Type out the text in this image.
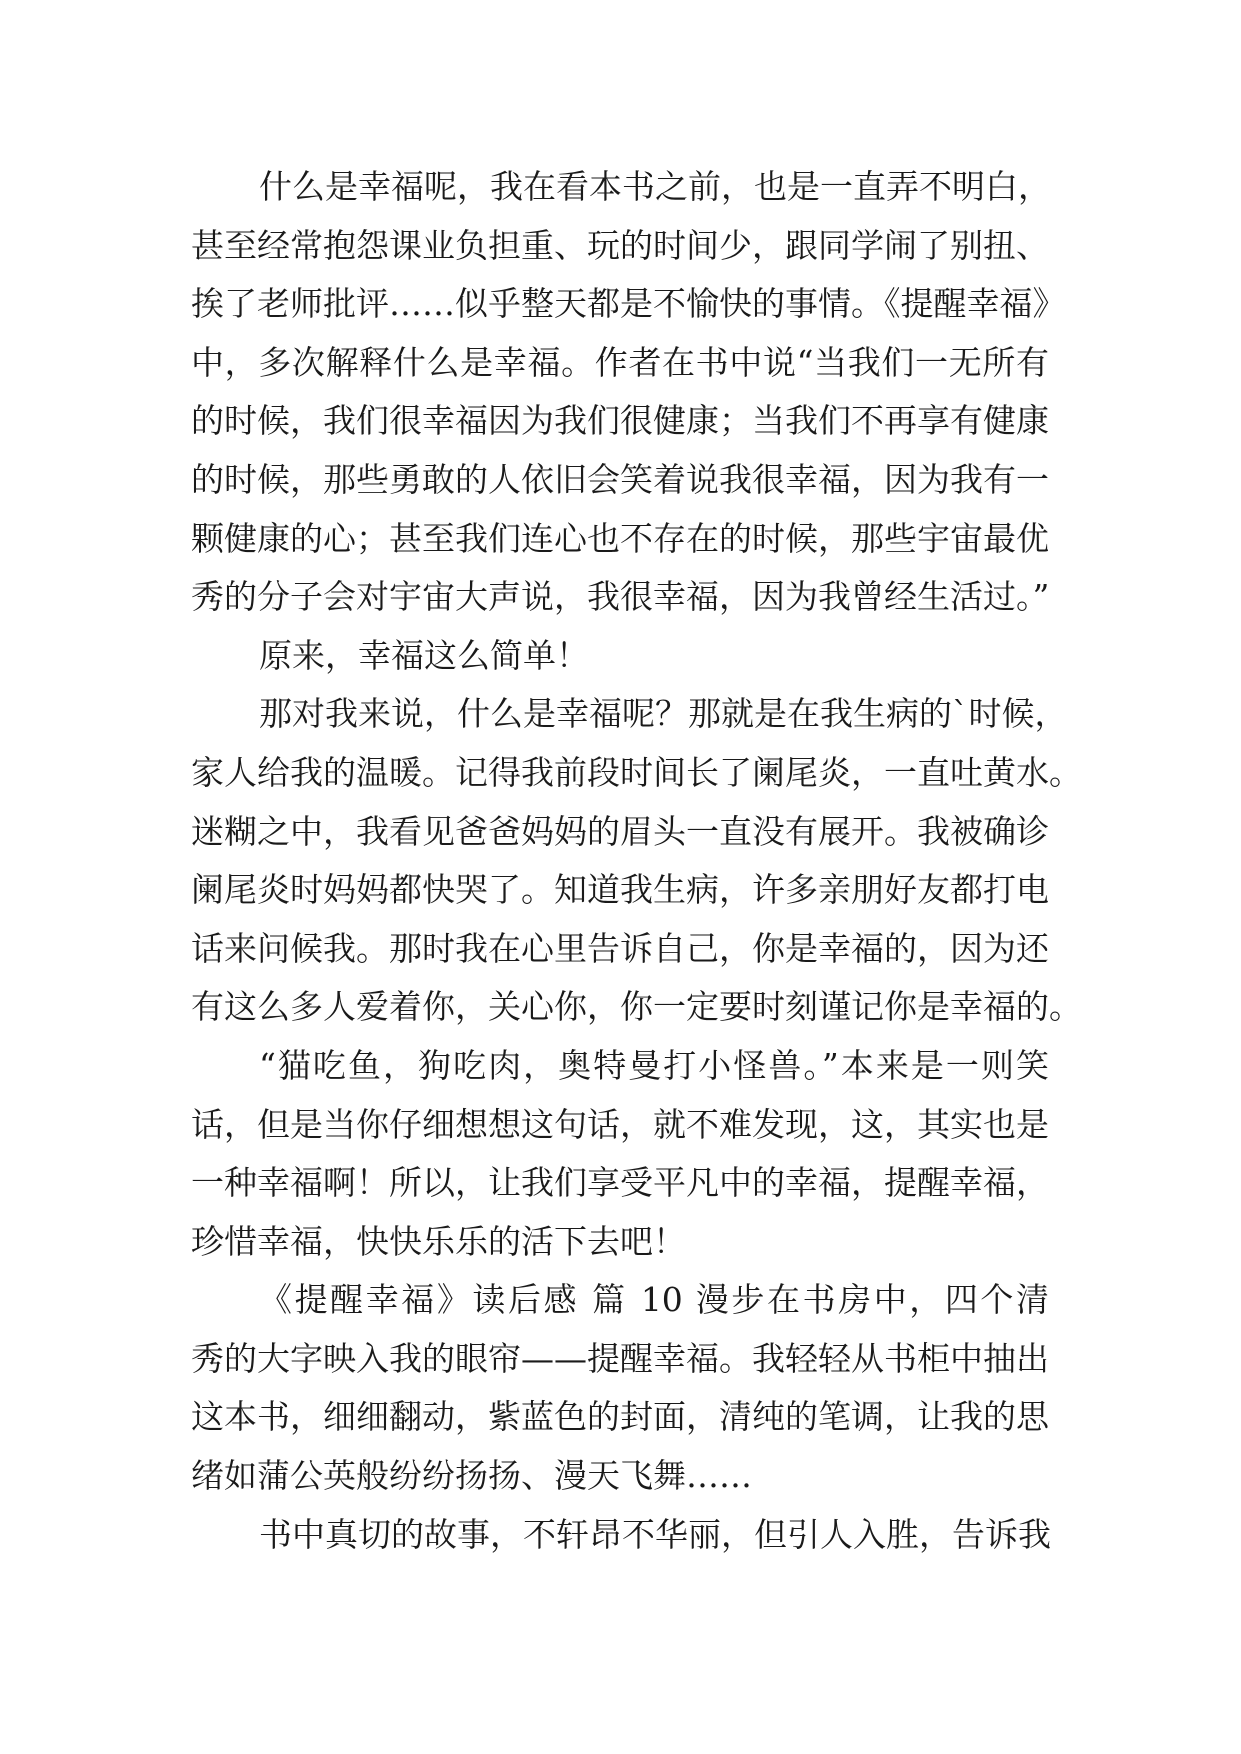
什么是幸福呢，我在看本书之前，也是一直弄不明白，
甚至经常抱怨课业负担重、玩的时间少，跟同学闹了别扭、
挨了老师批评……似乎整天都是不愉快的事情。《提醒幸福》
中，多次解释什么是幸福。作者在书中说“当我们一无所有
的时候，我们很幸福因为我们很健康；当我们不再享有健康
的时候，那些勇敢的人依旧会笑着说我很幸福，因为我有一
颗健康的心；甚至我们连心也不存在的时候，那些宇宙最优
秀的分子会对宇宙大声说，我很幸福，因为我曾经生活过。”
原来，幸福这么简单！
那对我来说，什么是幸福呢？那就是在我生病的`时候，
家人给我的温暖。记得我前段时间长了阑尾炎，一直吐黄水。
迷糊之中，我看见爸爸妈妈的眉头一直没有展开。我被确诊
阑尾炎时妈妈都快哭了。知道我生病，许多亲朋好友都打电
话来问候我。那时我在心里告诉自己，你是幸福的，因为还
有这么多人爱着你，关心你，你一定要时刻谨记你是幸福的。
“猫吃鱼，狗吃肉，奥特曼打小怪兽。”本来是一则笑
话，但是当你仔细想想这句话，就不难发现，这，其实也是
一种幸福啊！所以，让我们享受平凡中的幸福，提醒幸福，
珍惜幸福，快快乐乐的活下去吧！
《提醒幸福》读后感 篇 10 漫步在书房中，四个清
秀的大字映入我的眼帘——提醒幸福。我轻轻从书柜中抽出
这本书，细细翻动，紫蓝色的封面，清纯的笔调，让我的思
绪如蒲公英般纷纷扬扬、漫天飞舞……
书中真切的故事，不轩昂不华丽，但引人入胜，告诉我
